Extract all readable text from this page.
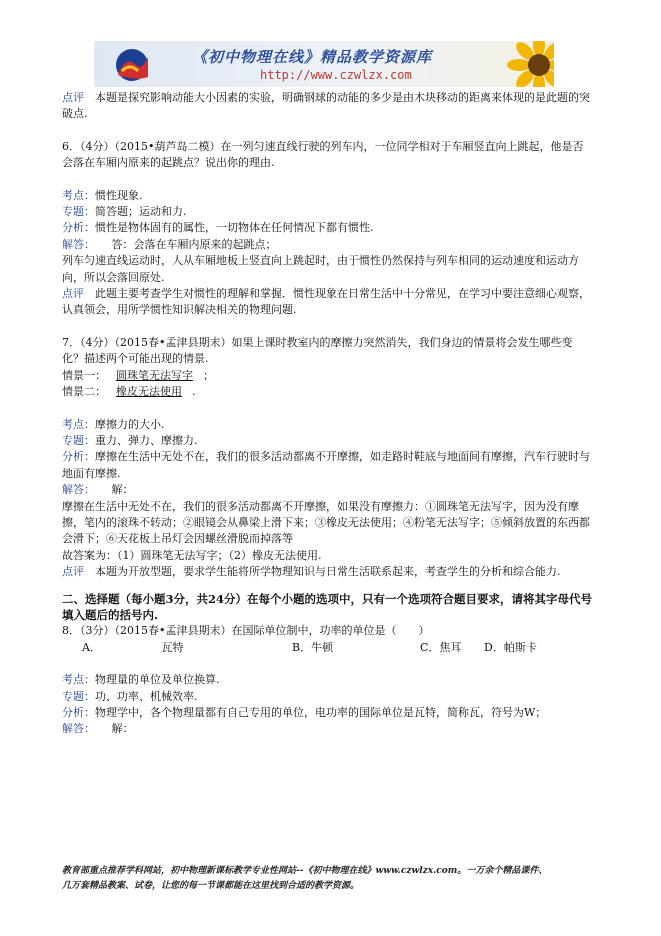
《初中物理在线》精品教学资源库
http://www.czwlzx.com

点评　 本题是探究影响动能大小因素的实验，明确钢球的动能的多少是由木块移动的距离来体现的是此题的突破点.

6．（4分）（2015•葫芦岛二模）在一列匀速直线行驶的列车内，一位同学相对于车厢竖直向上跳起，他是否会落在车厢内原来的起跳点？说出你的理由.

考点：惯性现象.

专题：简答题；运动和力.

分析：惯性是物体固有的属性，一切物体在任何情况下都有惯性.

解答：　　 答：会落在车厢内原来的起跳点；

列车匀速直线运动时，人从车厢地板上竖直向上跳起时，由于惯性仍然保持与列车相同的运动速度和运动方向，所以会落回原处.

点评　 此题主要考查学生对惯性的理解和掌握．惯性现象在日常生活中十分常见，在学习中要注意细心观察，认真领会，用所学惯性知识解决相关的物理问题.

7．（4分）（2015春•孟津县期末）如果上课时教室内的摩擦力突然消失，我们身边的情景将会发生哪些变化？描述两个可能出现的情景.

情景一： 圆珠笔无法写字 ；

情景二： 橡皮无法使用 .

考点：摩擦力的大小.

专题：重力、弹力、摩擦力.

分析：摩擦在生活中无处不在，我们的很多活动都离不开摩擦，如走路时鞋底与地面间有摩擦，汽车行驶时与地面有摩擦.

解答：　　 解：

摩擦在生活中无处不在，我们的很多活动都离不开摩擦，如果没有摩擦力：①圆珠笔无法写字，因为没有摩擦，笔内的滚珠不转动；②眼镜会从鼻梁上滑下来；③橡皮无法使用；④粉笔无法写字；⑤倾斜放置的东西都会滑下；⑥天花板上吊灯会因螺丝滑脱而掉落等

故答案为：（1）圆珠笔无法写字；（2）橡皮无法使用.

点评　 本题为开放型题，要求学生能将所学物理知识与日常生活联系起来，考查学生的分析和综合能力.

二、选择题（每小题3分，共24分）在每个小题的选项中，只有一个选项符合题目要求，请将其字母代号填入题后的括号内.

8．（3分）（2015春•孟津县期末）在国际单位制中，功率的单位是（　　）

A．　　　　　　瓦特	B．牛顿	C．焦耳	D．帕斯卡

考点：物理量的单位及单位换算.

专题：功、功率、机械效率.

分析：物理学中，各个物理量都有自己专用的单位，电功率的国际单位是瓦特，简称瓦，符号为W；

解答：　　 解：

教育部重点推荐学科网站，初中物理新课标教学专业性网站--《初中物理在线》www.czwlzx.com。一万余个精品课件、
几万套精品教案、试卷，让您的每一节课都能在这里找到合适的教学资源。
